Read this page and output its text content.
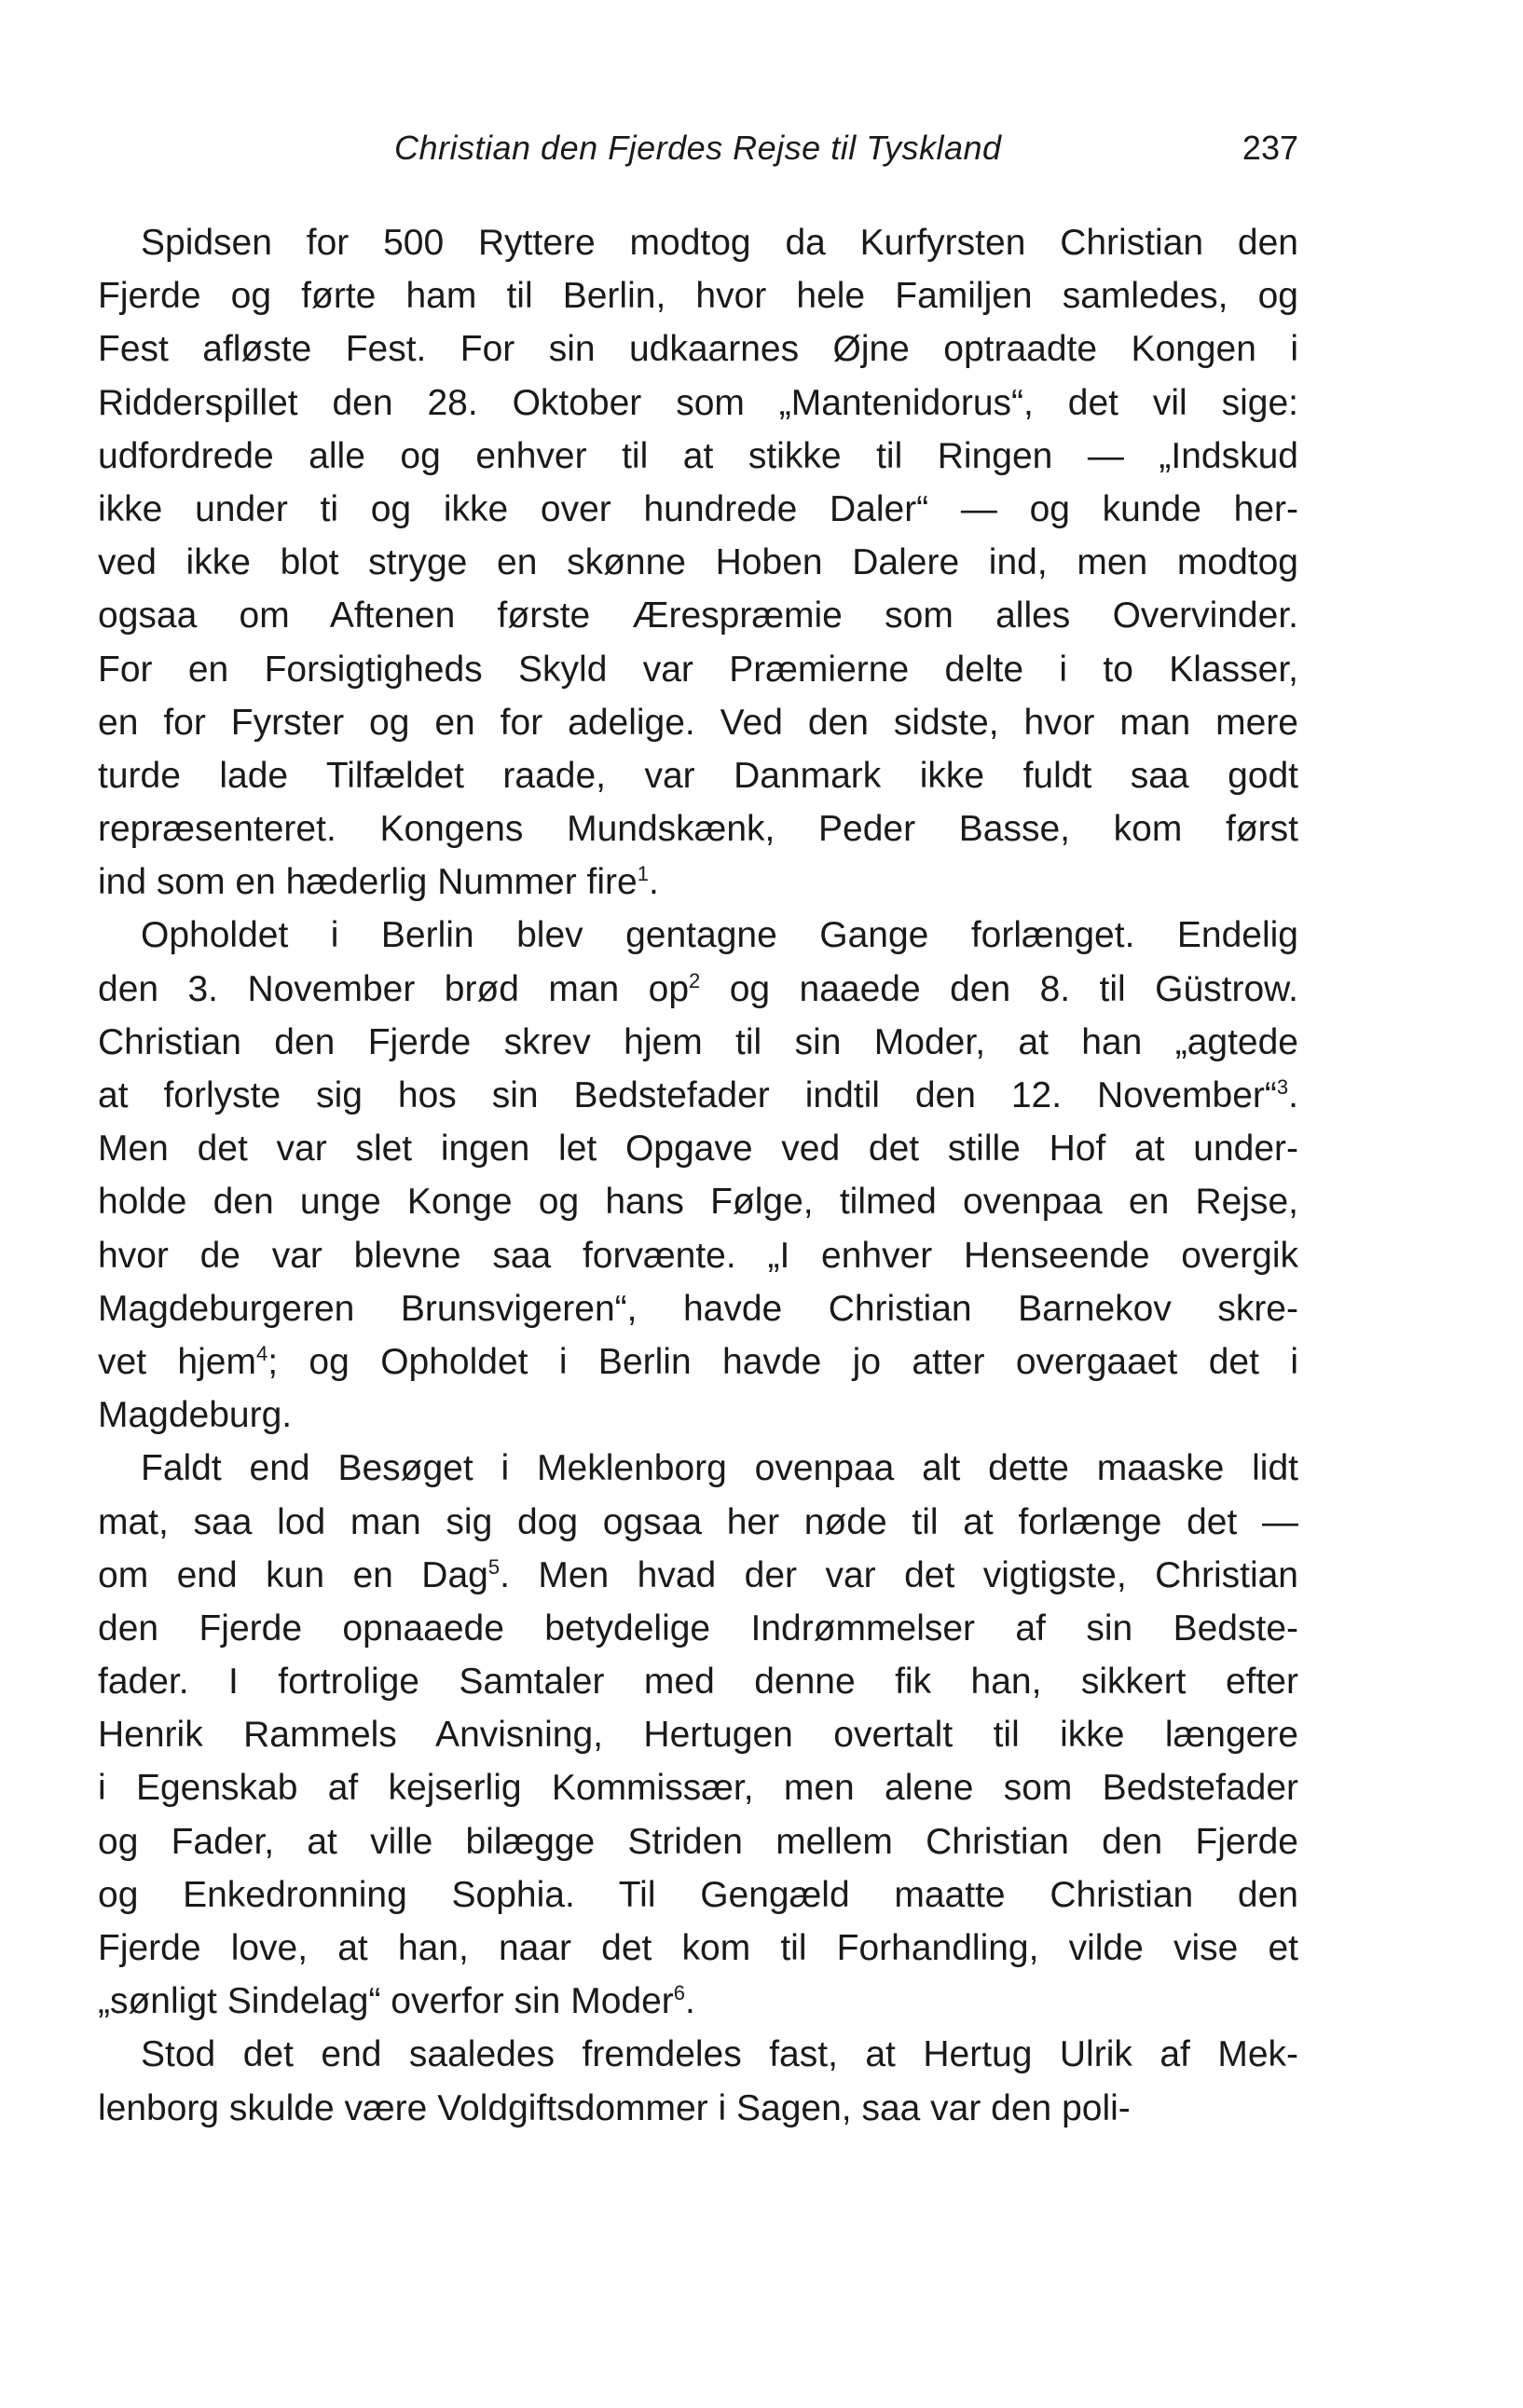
Christian den Fjerdes Rejse til Tyskland	237
Spidsen for 500 Ryttere modtog da Kurfyrsten Christian den
Fjerde og førte ham til Berlin, hvor hele Familjen samledes, og
Fest afløste Fest. For sin udkaarnes Øjne optraadte Kongen i
Ridderspillet den 28. Oktober som „Mantenidorus“, det vil sige:
udfordrede alle og enhver til at stikke til Ringen — „Indskud
ikke under ti og ikke over hundrede Daler“ — og kunde her-
ved ikke blot stryge en skønne Hoben Dalere ind, men modtog
ogsaa om Aftenen første Ærespræmie som alles Overvinder.
For en Forsigtigheds Skyld var Præmierne delte i to Klasser,
en for Fyrster og en for adelige. Ved den sidste, hvor man mere
turde lade Tilfældet raade, var Danmark ikke fuldt saa godt
repræsenteret. Kongens Mundskænk, Peder Basse, kom først
ind som en hæderlig Nummer fire$^1$.
Opholdet i Berlin blev gentagne Gange forlænget. Endelig
den 3. November brød man op$^2$ og naaede den 8. til Güstrow.
Christian den Fjerde skrev hjem til sin Moder, at han „agtede
at forlyste sig hos sin Bedstefader indtil den 12. November“$^3$.
Men det var slet ingen let Opgave ved det stille Hof at under-
holde den unge Konge og hans Følge, tilmed ovenpaa en Rejse,
hvor de var blevne saa forvænte. „I enhver Henseende overgik
Magdeburgeren Brunsvigeren“, havde Christian Barnekov skre-
vet hjem$^4$; og Opholdet i Berlin havde jo atter overgaaet det i
Magdeburg.
Faldt end Besøget i Meklenborg ovenpaa alt dette maaske lidt
mat, saa lod man sig dog ogsaa her nøde til at forlænge det —
om end kun en Dag$^5$. Men hvad der var det vigtigste, Christian
den Fjerde opnaaede betydelige Indrømmelser af sin Bedste-
fader. I fortrolige Samtaler med denne fik han, sikkert efter
Henrik Rammels Anvisning, Hertugen overtalt til ikke længere
i Egenskab af kejserlig Kommissær, men alene som Bedstefader
og Fader, at ville bilægge Striden mellem Christian den Fjerde
og Enkedronning Sophia. Til Gengæld maatte Christian den
Fjerde love, at han, naar det kom til Forhandling, vilde vise et
„sønligt Sindelag“ overfor sin Moder$^6$.
Stod det end saaledes fremdeles fast, at Hertug Ulrik af Mek-
lenborg skulde være Voldgiftsdommer i Sagen, saa var den poli-
